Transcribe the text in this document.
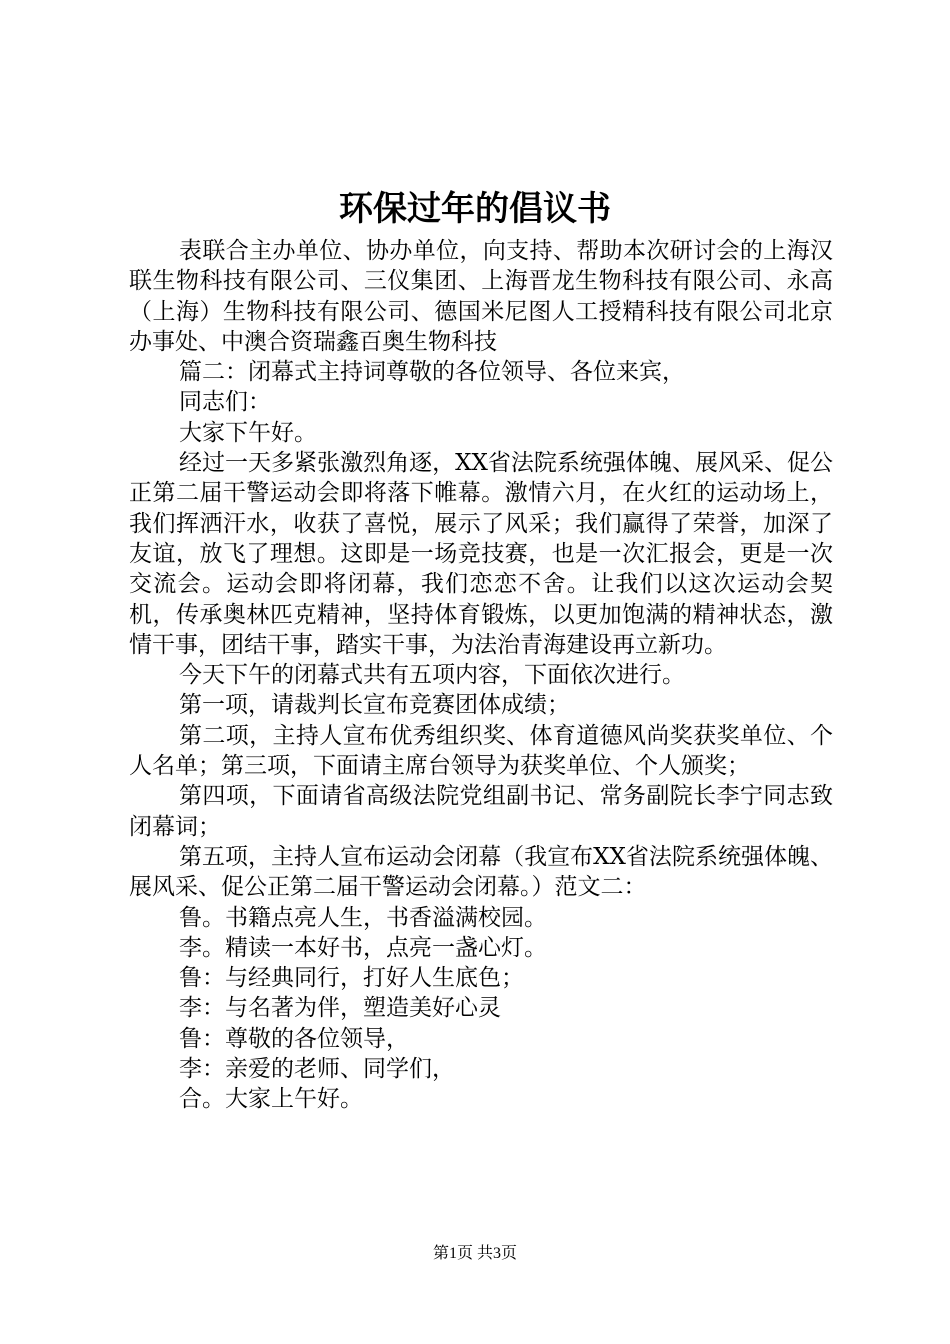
环保过年的倡议书

表联合主办单位、协办单位，向支持、帮助本次研讨会的上海汉联生物科技有限公司、三仪集团、上海晋龙生物科技有限公司、永高（上海）生物科技有限公司、德国米尼图人工授精科技有限公司北京办事处、中澳合资瑞鑫百奥生物科技

篇二：闭幕式主持词尊敬的各位领导、各位来宾，

同志们：

大家下午好。

经过一天多紧张激烈角逐，XX省法院系统强体魄、展风采、促公正第二届干警运动会即将落下帷幕。激情六月，在火红的运动场上，我们挥洒汗水，收获了喜悦，展示了风采；我们赢得了荣誉，加深了友谊，放飞了理想。这即是一场竞技赛，也是一次汇报会，更是一次交流会。运动会即将闭幕，我们恋恋不舍。让我们以这次运动会契机，传承奥林匹克精神，坚持体育锻炼，以更加饱满的精神状态，激情干事，团结干事，踏实干事，为法治青海建设再立新功。

今天下午的闭幕式共有五项内容，下面依次进行。

第一项，请裁判长宣布竞赛团体成绩；

第二项，主持人宣布优秀组织奖、体育道德风尚奖获奖单位、个人名单；第三项，下面请主席台领导为获奖单位、个人颁奖；

第四项，下面请省高级法院党组副书记、常务副院长李宁同志致闭幕词；

第五项，主持人宣布运动会闭幕（我宣布XX省法院系统强体魄、展风采、促公正第二届干警运动会闭幕。）范文二：

鲁。书籍点亮人生，书香溢满校园。

李。精读一本好书，点亮一盏心灯。

鲁：与经典同行，打好人生底色；

李：与名著为伴，塑造美好心灵

鲁：尊敬的各位领导，

李：亲爱的老师、同学们，

合。大家上午好。

第1页 共3页
